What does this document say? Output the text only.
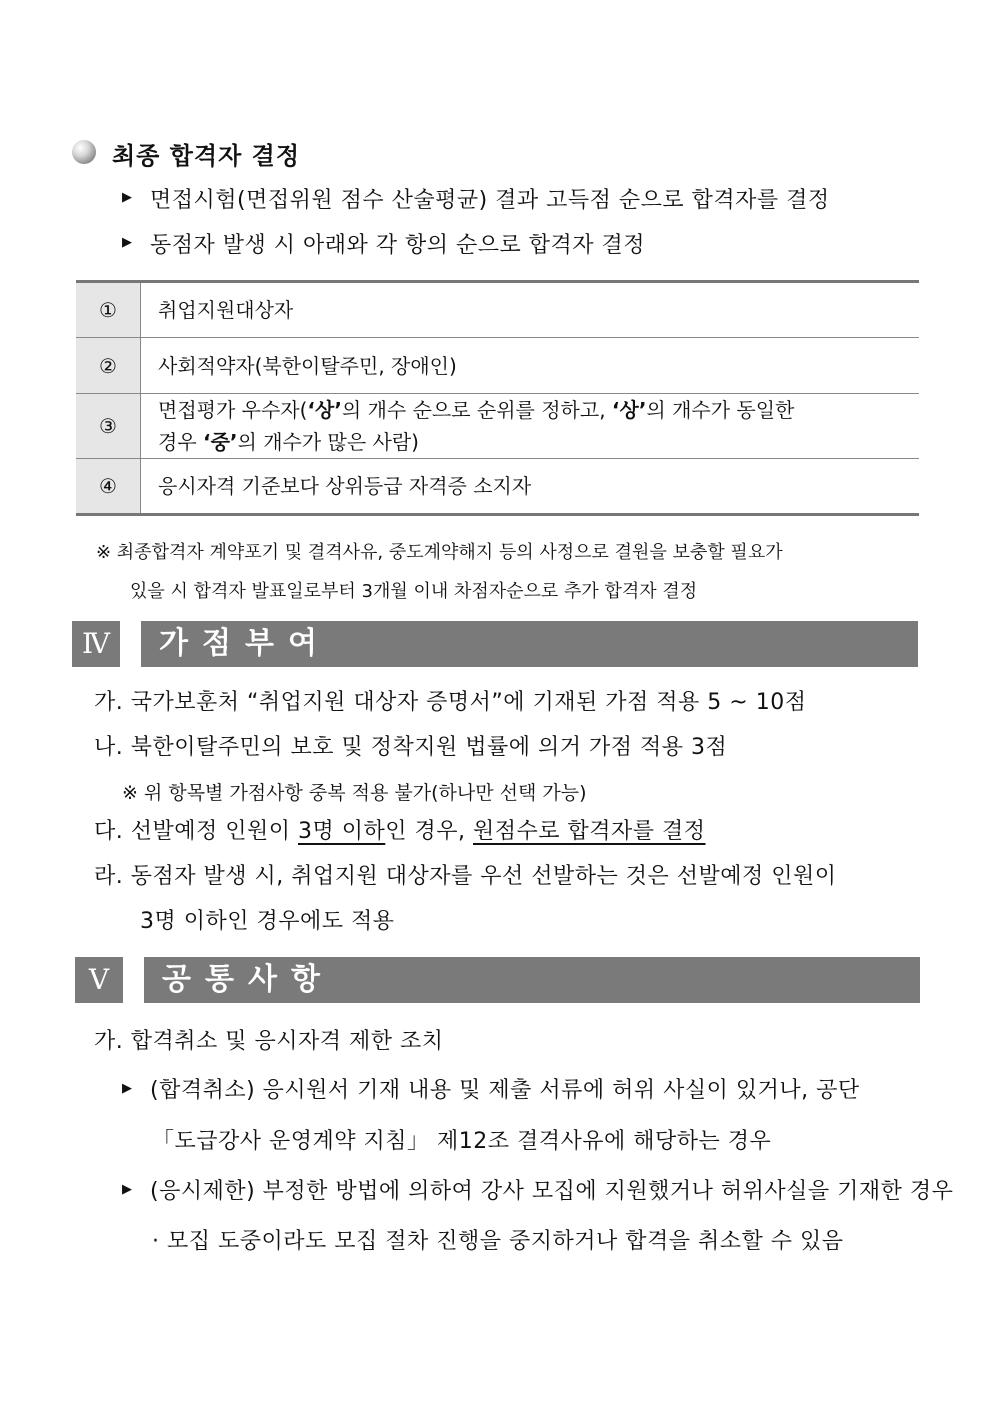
최종 합격자 결정
▶ 면접시험(면접위원 점수 산술평균) 결과 고득점 순으로 합격자를 결정
▶ 동점자 발생 시 아래와 각 항의 순으로 합격자 결정
①	취업지원대상자
②	사회적약자(북한이탈주민, 장애인)
③	면접평가 우수자(‘상’의 개수 순으로 순위를 정하고, ‘상’의 개수가 동일한
경우 ‘중’의 개수가 많은 사람)
④	응시자격 기준보다 상위등급 자격증 소지자
※ 최종합격자 계약포기 및 결격사유, 중도계약해지 등의 사정으로 결원을 보충할 필요가
있을 시 합격자 발표일로부터 3개월 이내 차점자순으로 추가 합격자 결정
Ⅳ	가점부여
가. 국가보훈처 “취업지원 대상자 증명서”에 기재된 가점 적용 5 ~ 10점
나. 북한이탈주민의 보호 및 정착지원 법률에 의거 가점 적용 3점
※ 위 항목별 가점사항 중복 적용 불가(하나만 선택 가능)
다. 선발예정 인원이 3명 이하인 경우, 원점수로 합격자를 결정
라. 동점자 발생 시, 취업지원 대상자를 우선 선발하는 것은 선발예정 인원이
3명 이하인 경우에도 적용
Ⅴ	공통사항
가. 합격취소 및 응시자격 제한 조치
▶ (합격취소) 응시원서 기재 내용 및 제출 서류에 허위 사실이 있거나, 공단
「도급강사 운영계약 지침」 제12조 결격사유에 해당하는 경우
▶ (응시제한) 부정한 방법에 의하여 강사 모집에 지원했거나 허위사실을 기재한 경우
· 모집 도중이라도 모집 절차 진행을 중지하거나 합격을 취소할 수 있음
